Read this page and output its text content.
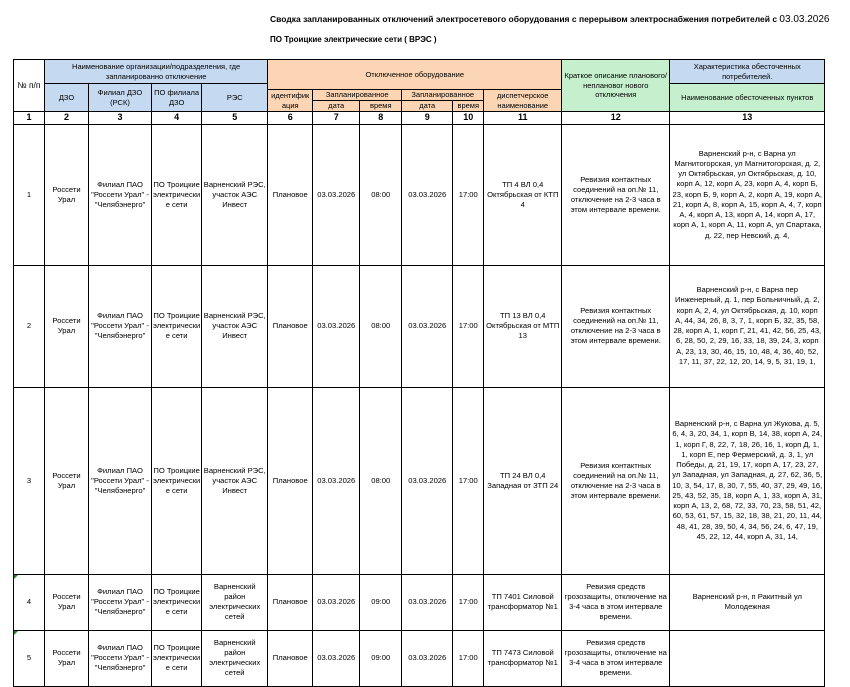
Сводка запланированных отключений электросетевого оборудования с перерывом электроснабжения потребителей с 03.03.2026
ПО Троицкие электрические сети ( ВРЭС )
№ п/п	Наименование организации/подразделения, где запланированно отключение				Отключенное оборудование						Краткое описание планового/неплановог нового отключения	Характеристика обесточенных потребителей.
	ДЗО	Филиал ДЗО (РСК)	ПО филиала ДЗО	РЭС								Наименование обесточенных пунктов
					идентифик ация	Запланированное		Запланированное		диспетчерское наименование		
						дата	время	дата	время			
1	2	3	4	5	6	7	8	9	10	11	12	13
1	Россети Урал	Филиал ПАО "Россети Урал" - "Челябэнерго"	ПО Троицкие электрически е сети	Варненский РЭС, участок АЭС Инвест	Плановое	03.03.2026	08:00	03.03.2026	17:00	ТП 4 ВЛ 0,4 Октябрьская от КТП 4	Ревизия контактных соединений на оп.№ 11, отключение на 2-3 часа в этом интервале времени.	Варненский р-н, с Варна ул Магнитогорская, ул Магнитогорская, д. 2, ул Октябрьская, ул Октябрьская, д. 10, корп А, 12, корп А, 23, корп А, 4, корп Б, 23, корп Б, 9, корп А, 2, корп А, 19, корп А, 21, корп А, 8, корп А, 15, корп А, 4, 7, корп А, 4, корп А, 13, корп А, 14, корп А, 17, корп А, 1, корп А, 11, корп А, ул Спартака, д. 22, пер Невский, д. 4,
2	Россети Урал	Филиал ПАО "Россети Урал" - "Челябэнерго"	ПО Троицкие электрически е сети	Варненский РЭС, участок АЭС Инвест	Плановое	03.03.2026	08:00	03.03.2026	17:00	ТП 13 ВЛ 0,4 Октябрьская от МТП 13	Ревизия контактных соединений на оп.№ 11, отключение на 2-3 часа в этом интервале времени.	Варненский р-н, с Варна пер Инженерный, д. 1, пер Больничный, д. 2, корп А, 2, 4, ул Октябрьская, д. 10, корп А, 44, 34, 26, 8, 3, 7, 1, корп Б, 32, 35, 58, 28, корп А, 1, корп Г, 21, 41, 42, 56, 25, 43, 6, 28, 50, 2, 29, 16, 33, 18, 39, 24, 3, корп А, 23, 13, 30, 46, 15, 10, 48, 4, 36, 40, 52, 17, 11, 37, 22, 12, 20, 14, 9, 5, 31, 19, 1,
3	Россети Урал	Филиал ПАО "Россети Урал" - "Челябэнерго"	ПО Троицкие электрически е сети	Варненский РЭС, участок АЭС Инвест	Плановое	03.03.2026	08:00	03.03.2026	17:00	ТП 24 ВЛ 0,4 Западная от ЗТП 24	Ревизия контактных соединений на оп.№ 11, отключение на 2-3 часа в этом интервале времени.	Варненский р-н, с Варна ул Жукова, д. 5, 6, 4, 3, 20, 34, 1, корп В, 14, 38, корп А, 24, 1, корп Г, 8, 22, 7, 18, 26, 16, 1, корп Д, 1, 1, корп Е, пер Фермерский, д. 3, 1, ул Победы, д. 21, 19, 17, корп А, 17, 23, 27, ул Западная, ул Западная, д. 27, 62, 36, 5, 10, 3, 54, 17, 8, 30, 7, 55, 40, 37, 29, 49, 16, 25, 43, 52, 35, 18, корп А, 1, 33, корп А, 31, корп А, 13, 2, 68, 72, 33, 70, 23, 58, 51, 42, 60, 53, 61, 57, 15, 32, 18, 38, 21, 20, 11, 44, 48, 41, 28, 39, 50, 4, 34, 56, 24, 6, 47, 19, 45, 22, 12, 44, корп А, 31, 14,
4	Россети Урал	Филиал ПАО "Россети Урал" - "Челябэнерго"	ПО Троицкие электрически е сети	Варненский район электрических сетей	Плановое	03.03.2026	09:00	03.03.2026	17:00	ТП 7401 Силовой трансформатор №1	Ревизия средств грозозащиты, отключение на 3-4 часа в этом интервале времени.	Варненский р-н, п Ракитный ул Молодежная
5	Россети Урал	Филиал ПАО "Россети Урал" - "Челябэнерго"	ПО Троицкие электрически е сети	Варненский район электрических сетей	Плановое	03.03.2026	09:00	03.03.2026	17:00	ТП 7473 Силовой трансформатор №1	Ревизия средств грозозащиты, отключение на 3-4 часа в этом интервале времени.	
